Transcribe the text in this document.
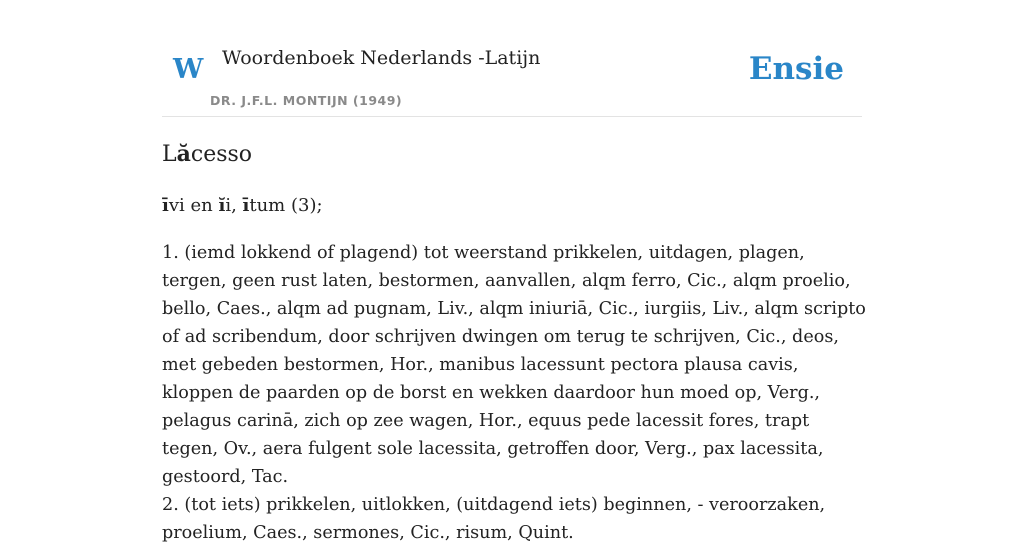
W Woordenboek Nederlands -Latijn
DR. J.F.L. MONTIJN (1949)
Ensie
Lăcesso
īvi en ĭi, ītum (3);

1. (iemd lokkend of plagend) tot weerstand prikkelen, uitdagen, plagen, tergen, geen rust laten, bestormen, aanvallen, alqm ferro, Cic., alqm proelio, bello, Caes., alqm ad pugnam, Liv., alqm iniuriā, Cic., iurgiis, Liv., alqm scripto of ad scribendum, door schrijven dwingen om terug te schrijven, Cic., deos, met gebeden bestormen, Hor., manibus lacessunt pectora plausa cavis, kloppen de paarden op de borst en wekken daardoor hun moed op, Verg., pelagus carinā, zich op zee wagen, Hor., equus pede lacessit fores, trapt tegen, Ov., aera fulgent sole lacessita, getroffen door, Verg., pax lacessita, gestoord, Tac.

2. (tot iets) prikkelen, uitlokken, (uitdagend iets) beginnen, - veroorzaken, proelium, Caes., sermones, Cic., risum, Quint.
